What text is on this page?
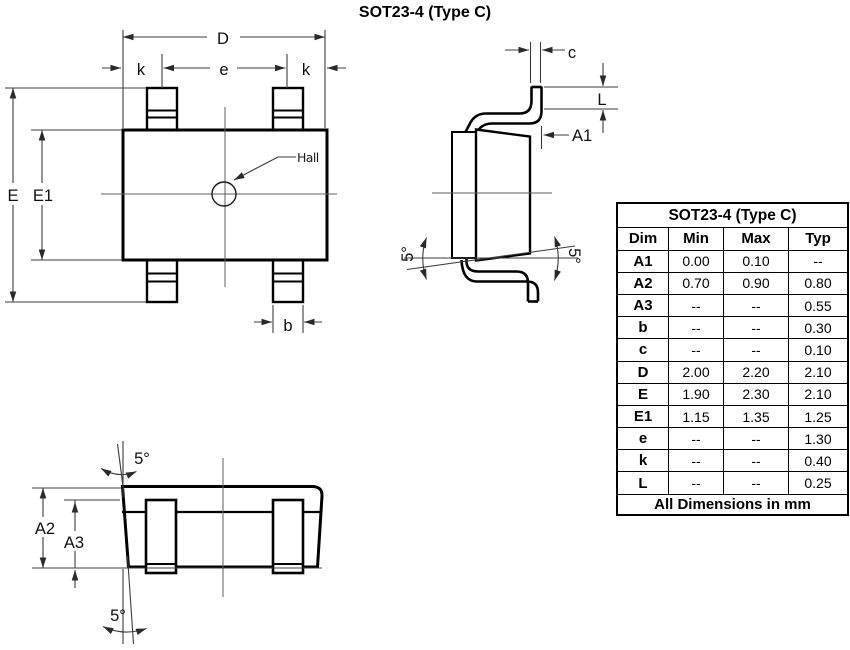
SOT23-4 (Type C)
Hall
D
e
k	k
E E1
b
c
L
A1
5°	5°
A2
A3
5°
5°
SOT23-4 (Type C)
Dim	Min	Max	Typ
A1	0.00	0.10	--
A2	0.70	0.90	0.80
A3	--	--	0.55
b	--	--	0.30
c	--	--	0.10
D	2.00	2.20	2.10
E	1.90	2.30	2.10
E1	1.15	1.35	1.25
e	--	--	1.30
k	--	--	0.40
L	--	--	0.25
All Dimensions in mm
